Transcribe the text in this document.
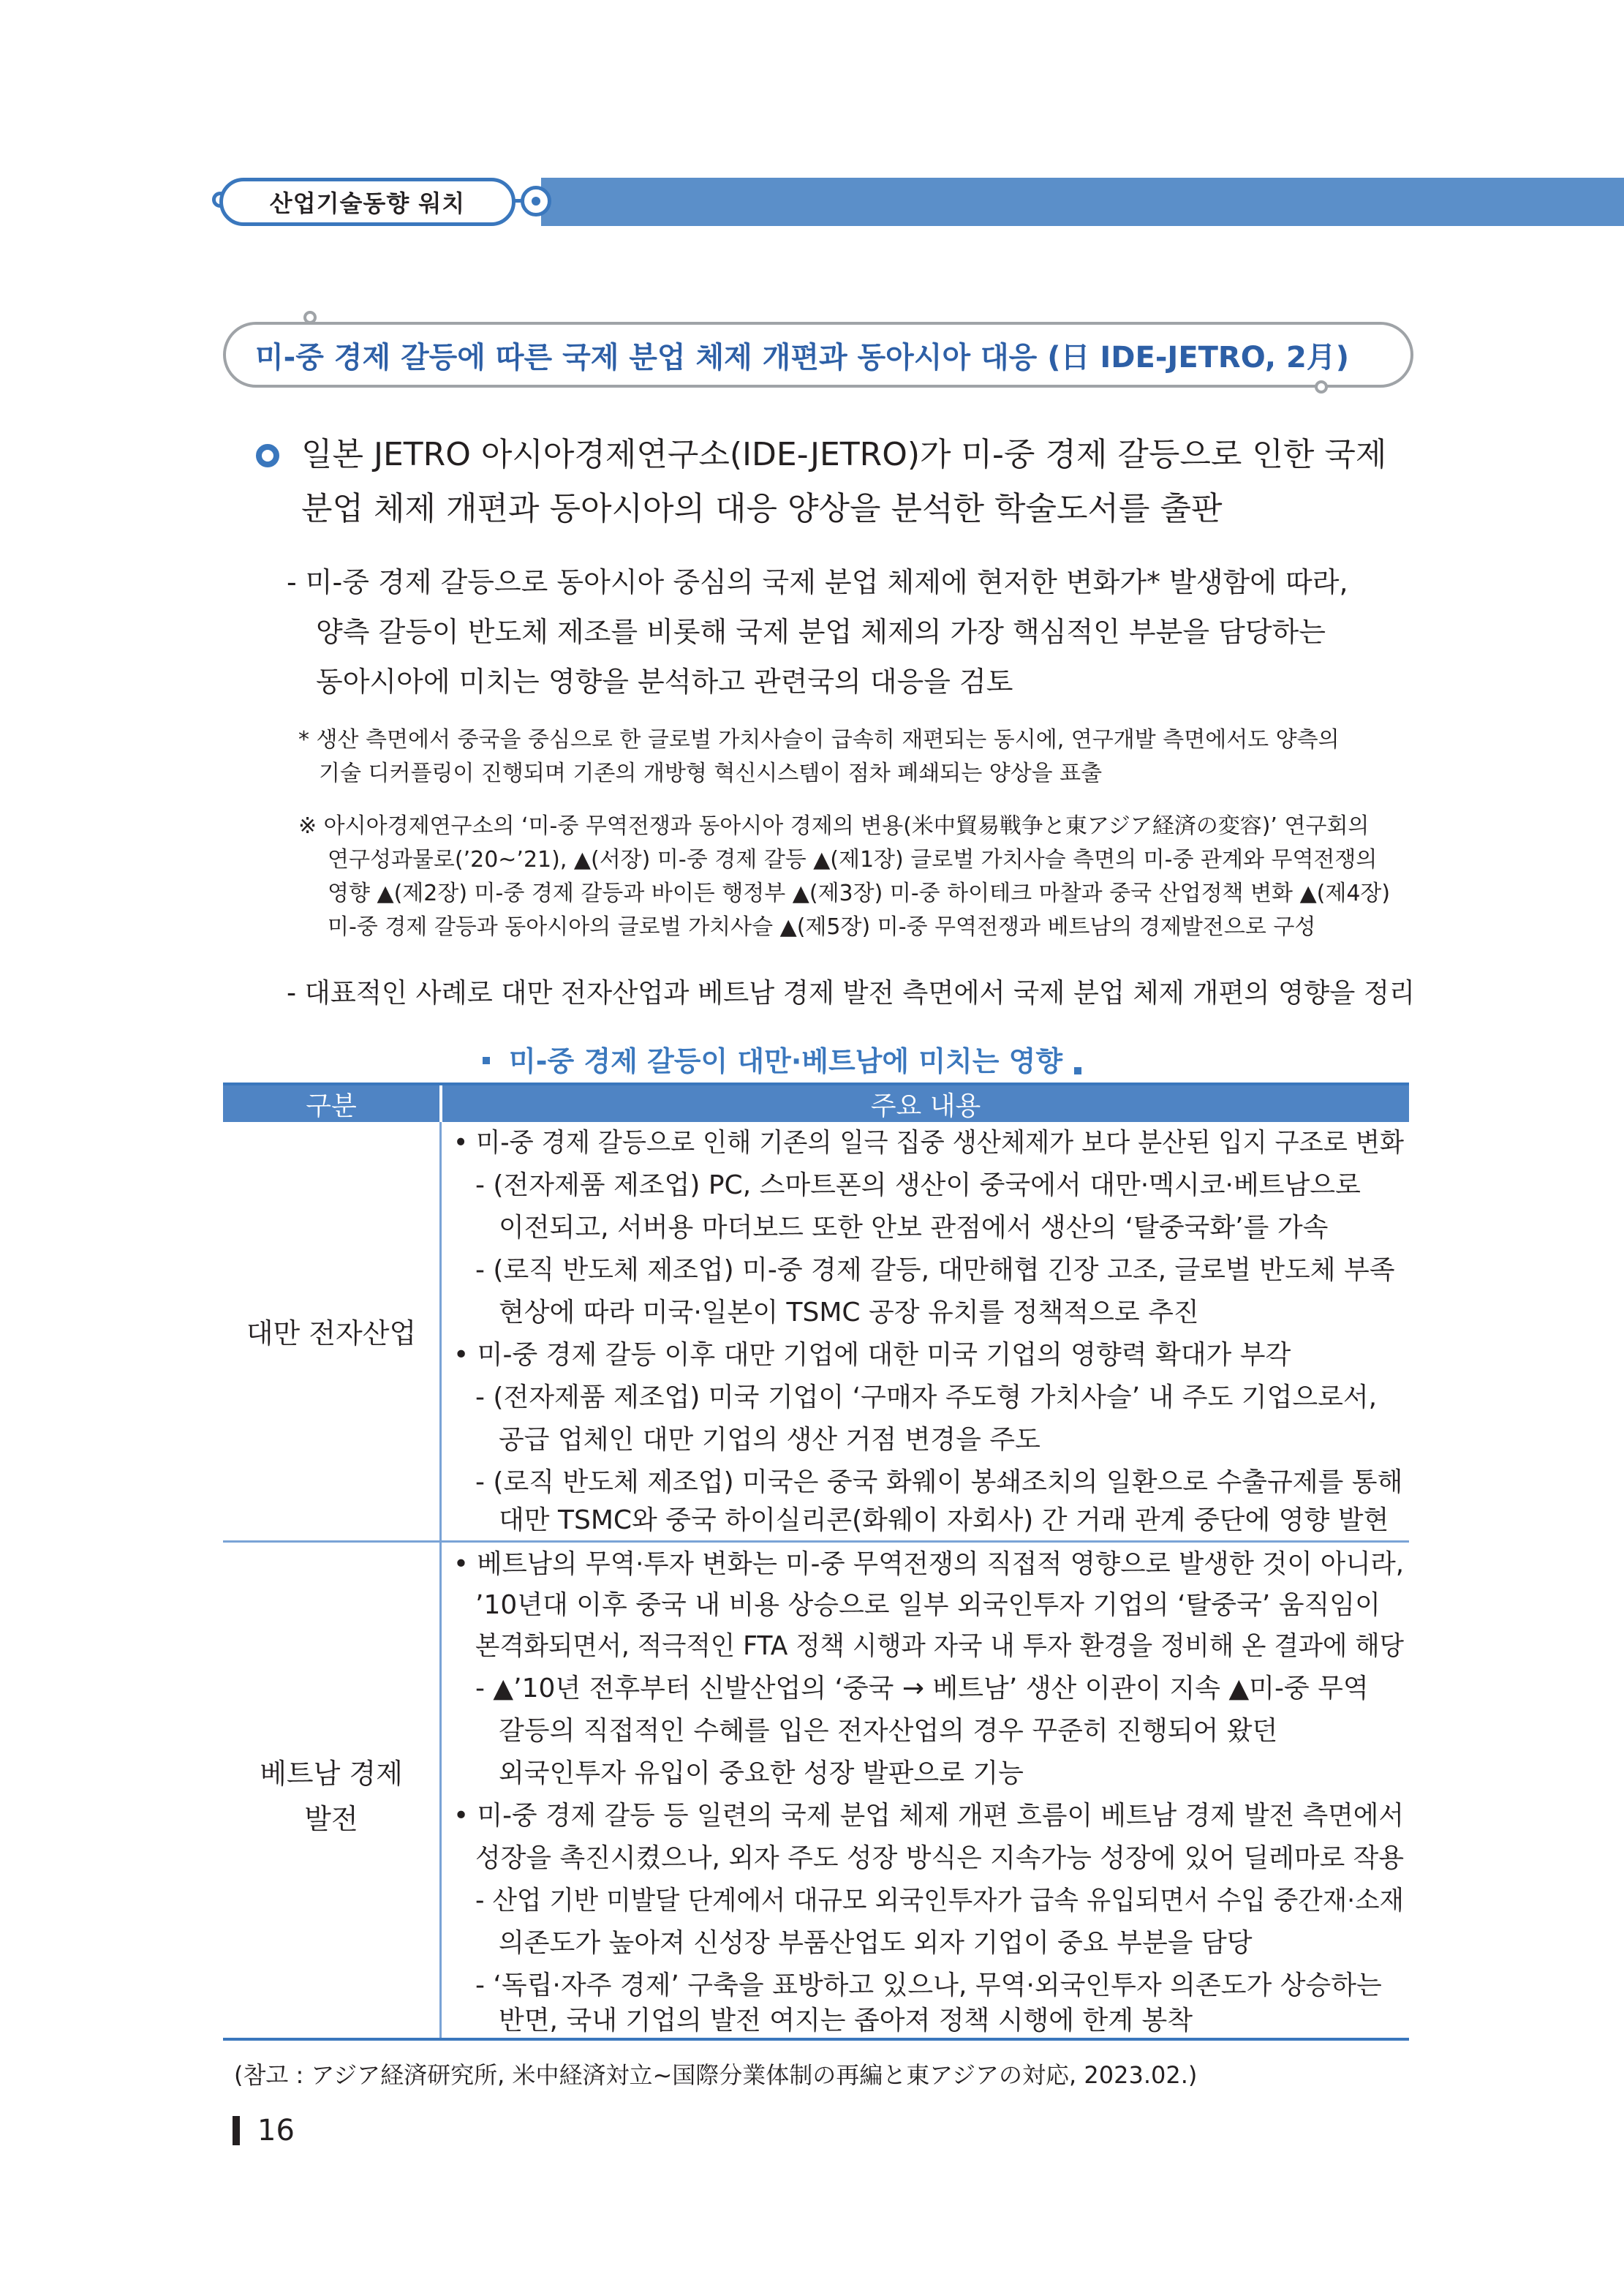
산업기술동향 워치
미-중 경제 갈등에 따른 국제 분업 체제 개편과 동아시아 대응 (日 IDE-JETRO, 2月)
일본 JETRO 아시아경제연구소(IDE-JETRO)가 미-중 경제 갈등으로 인한 국제
분업 체제 개편과 동아시아의 대응 양상을 분석한 학술도서를 출판
- 미-중 경제 갈등으로 동아시아 중심의 국제 분업 체제에 현저한 변화가* 발생함에 따라,
양측 갈등이 반도체 제조를 비롯해 국제 분업 체제의 가장 핵심적인 부분을 담당하는
동아시아에 미치는 영향을 분석하고 관련국의 대응을 검토
* 생산 측면에서 중국을 중심으로 한 글로벌 가치사슬이 급속히 재편되는 동시에, 연구개발 측면에서도 양측의
기술 디커플링이 진행되며 기존의 개방형 혁신시스템이 점차 폐쇄되는 양상을 표출
※ 아시아경제연구소의 ‘미-중 무역전쟁과 동아시아 경제의 변용(米中貿易戦争と東アジア経済の変容)’ 연구회의
연구성과물로(’20~’21), ▲(서장) 미-중 경제 갈등 ▲(제1장) 글로벌 가치사슬 측면의 미-중 관계와 무역전쟁의
영향 ▲(제2장) 미-중 경제 갈등과 바이든 행정부 ▲(제3장) 미-중 하이테크 마찰과 중국 산업정책 변화 ▲(제4장)
미-중 경제 갈등과 동아시아의 글로벌 가치사슬 ▲(제5장) 미-중 무역전쟁과 베트남의 경제발전으로 구성
- 대표적인 사례로 대만 전자산업과 베트남 경제 발전 측면에서 국제 분업 체제 개편의 영향을 정리
미-중 경제 갈등이 대만·베트남에 미치는 영향
구분	주요 내용
대만 전자산업
• 미-중 경제 갈등으로 인해 기존의 일극 집중 생산체제가 보다 분산된 입지 구조로 변화
- (전자제품 제조업) PC, 스마트폰의 생산이 중국에서 대만·멕시코·베트남으로
이전되고, 서버용 마더보드 또한 안보 관점에서 생산의 ‘탈중국화’를 가속
- (로직 반도체 제조업) 미-중 경제 갈등, 대만해협 긴장 고조, 글로벌 반도체 부족
현상에 따라 미국·일본이 TSMC 공장 유치를 정책적으로 추진
• 미-중 경제 갈등 이후 대만 기업에 대한 미국 기업의 영향력 확대가 부각
- (전자제품 제조업) 미국 기업이 ‘구매자 주도형 가치사슬’ 내 주도 기업으로서,
공급 업체인 대만 기업의 생산 거점 변경을 주도
- (로직 반도체 제조업) 미국은 중국 화웨이 봉쇄조치의 일환으로 수출규제를 통해
대만 TSMC와 중국 하이실리콘(화웨이 자회사) 간 거래 관계 중단에 영향 발현
베트남 경제
발전
• 베트남의 무역·투자 변화는 미-중 무역전쟁의 직접적 영향으로 발생한 것이 아니라,
’10년대 이후 중국 내 비용 상승으로 일부 외국인투자 기업의 ‘탈중국’ 움직임이
본격화되면서, 적극적인 FTA 정책 시행과 자국 내 투자 환경을 정비해 온 결과에 해당
- ▲’10년 전후부터 신발산업의 ‘중국 → 베트남’ 생산 이관이 지속 ▲미-중 무역
갈등의 직접적인 수혜를 입은 전자산업의 경우 꾸준히 진행되어 왔던
외국인투자 유입이 중요한 성장 발판으로 기능
• 미-중 경제 갈등 등 일련의 국제 분업 체제 개편 흐름이 베트남 경제 발전 측면에서
성장을 촉진시켰으나, 외자 주도 성장 방식은 지속가능 성장에 있어 딜레마로 작용
- 산업 기반 미발달 단계에서 대규모 외국인투자가 급속 유입되면서 수입 중간재·소재
의존도가 높아져 신성장 부품산업도 외자 기업이 중요 부분을 담당
- ‘독립·자주 경제’ 구축을 표방하고 있으나, 무역·외국인투자 의존도가 상승하는
반면, 국내 기업의 발전 여지는 좁아져 정책 시행에 한계 봉착
(참고 : アジア経済研究所, 米中経済対立~国際分業体制の再編と東アジアの対応, 2023.02.)
16
